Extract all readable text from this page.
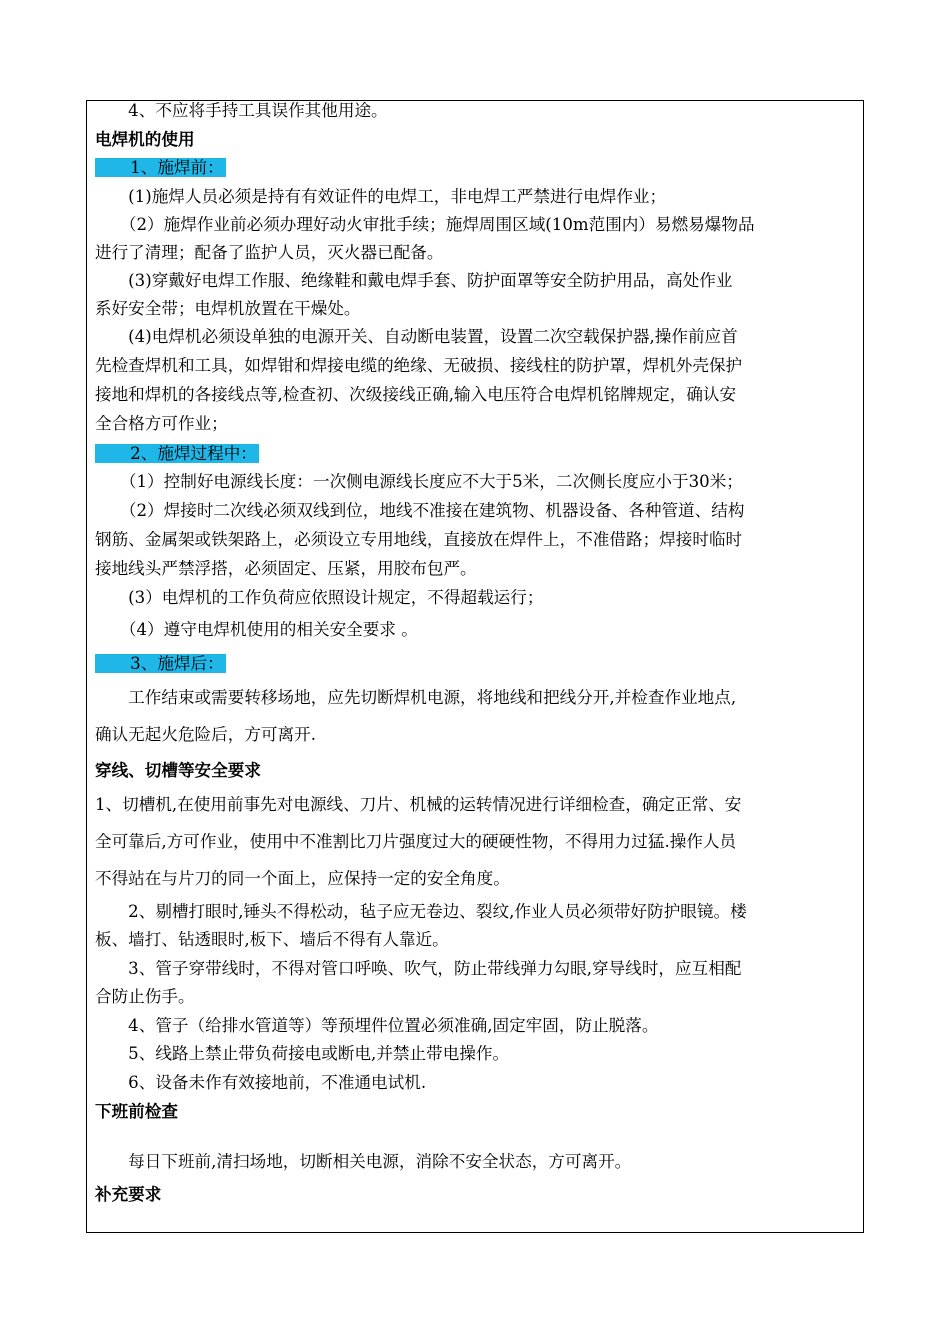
　　4、不应将手持工具误作其他用途。
电焊机的使用
　　1、施焊前：
　　(1)施焊人员必须是持有有效证件的电焊工，非电焊工严禁进行电焊作业；
　　（2）施焊作业前必须办理好动火审批手续；施焊周围区域(10m范围内）易燃易爆物品
进行了清理；配备了监护人员，灭火器已配备。
　　(3)穿戴好电焊工作服、绝缘鞋和戴电焊手套、防护面罩等安全防护用品，高处作业
系好安全带；电焊机放置在干燥处。
　　(4)电焊机必须设单独的电源开关、自动断电装置，设置二次空载保护器,操作前应首
先检查焊机和工具，如焊钳和焊接电缆的绝缘、无破损、接线柱的防护罩，焊机外壳保护
接地和焊机的各接线点等,检查初、次级接线正确,输入电压符合电焊机铭牌规定，确认安
全合格方可作业；
　　2、施焊过程中：
　　（1）控制好电源线长度：一次侧电源线长度应不大于5米，二次侧长度应小于30米；
　　（2）焊接时二次线必须双线到位，地线不准接在建筑物、机器设备、各种管道、结构
钢筋、金属架或铁架路上，必须设立专用地线，直接放在焊件上，不准借路；焊接时临时
接地线头严禁浮搭，必须固定、压紧，用胶布包严。
　　(3）电焊机的工作负荷应依照设计规定，不得超载运行；
　　（4）遵守电焊机使用的相关安全要求 。
　　3、施焊后：
　　工作结束或需要转移场地，应先切断焊机电源，将地线和把线分开,并检查作业地点,
确认无起火危险后，方可离开.
穿线、切槽等安全要求
1、切槽机,在使用前事先对电源线、刀片、机械的运转情况进行详细检查，确定正常、安
全可靠后,方可作业，使用中不准割比刀片强度过大的硬硬性物，不得用力过猛.操作人员
不得站在与片刀的同一个面上，应保持一定的安全角度。
　　2、剔槽打眼时,锤头不得松动，毡子应无卷边、裂纹,作业人员必须带好防护眼镜。楼
板、墙打、钻透眼时,板下、墙后不得有人靠近。
　　3、管子穿带线时，不得对管口呼唤、吹气，防止带线弹力勾眼,穿导线时，应互相配
合防止伤手。
　　4、管子（给排水管道等）等预埋件位置必须准确,固定牢固，防止脱落。
　　5、线路上禁止带负荷接电或断电,并禁止带电操作。
　　6、设备未作有效接地前，不准通电试机.
下班前检查
　　每日下班前,清扫场地，切断相关电源，消除不安全状态，方可离开。
补充要求
